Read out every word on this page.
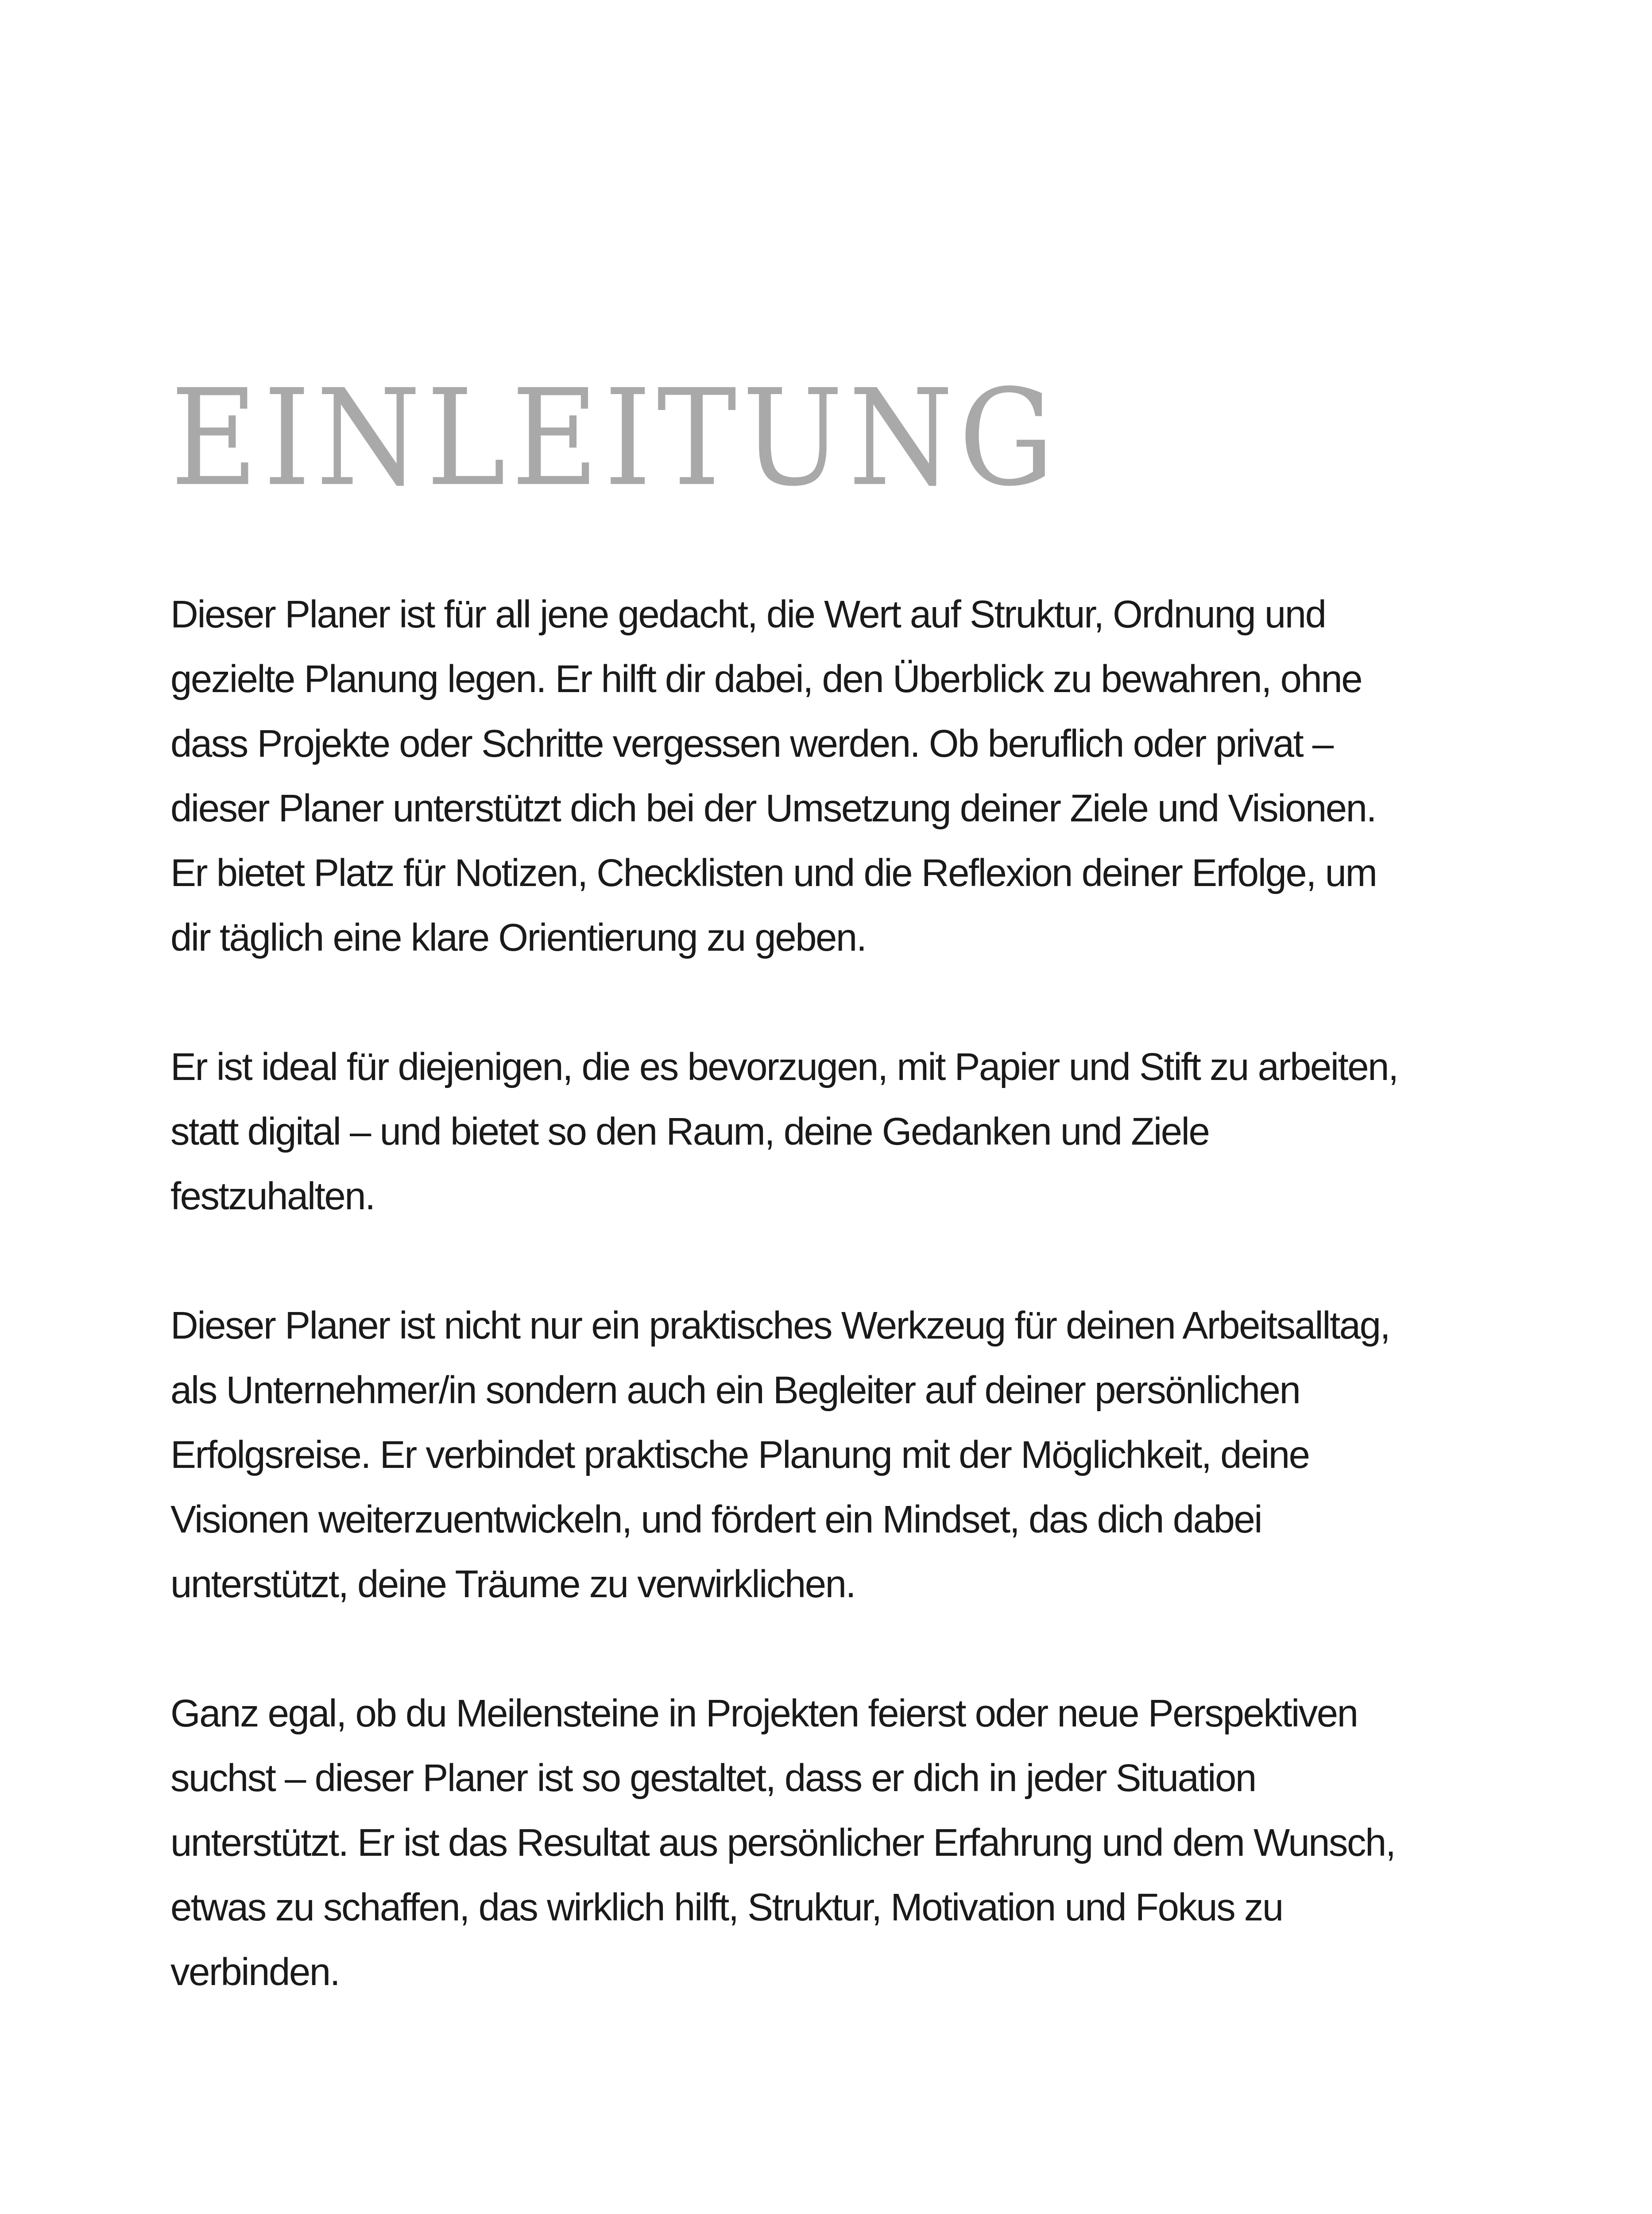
EINLEITUNG

Dieser Planer ist für all jene gedacht, die Wert auf Struktur, Ordnung und
gezielte Planung legen. Er hilft dir dabei, den Überblick zu bewahren, ohne
dass Projekte oder Schritte vergessen werden. Ob beruflich oder privat –
dieser Planer unterstützt dich bei der Umsetzung deiner Ziele und Visionen.
Er bietet Platz für Notizen, Checklisten und die Reflexion deiner Erfolge, um
dir täglich eine klare Orientierung zu geben.

Er ist ideal für diejenigen, die es bevorzugen, mit Papier und Stift zu arbeiten,
statt digital – und bietet so den Raum, deine Gedanken und Ziele
festzuhalten.

Dieser Planer ist nicht nur ein praktisches Werkzeug für deinen Arbeitsalltag,
als Unternehmer/in sondern auch ein Begleiter auf deiner persönlichen
Erfolgsreise. Er verbindet praktische Planung mit der Möglichkeit, deine
Visionen weiterzuentwickeln, und fördert ein Mindset, das dich dabei
unterstützt, deine Träume zu verwirklichen.

Ganz egal, ob du Meilensteine in Projekten feierst oder neue Perspektiven
suchst – dieser Planer ist so gestaltet, dass er dich in jeder Situation
unterstützt. Er ist das Resultat aus persönlicher Erfahrung und dem Wunsch,
etwas zu schaffen, das wirklich hilft, Struktur, Motivation und Fokus zu
verbinden.
